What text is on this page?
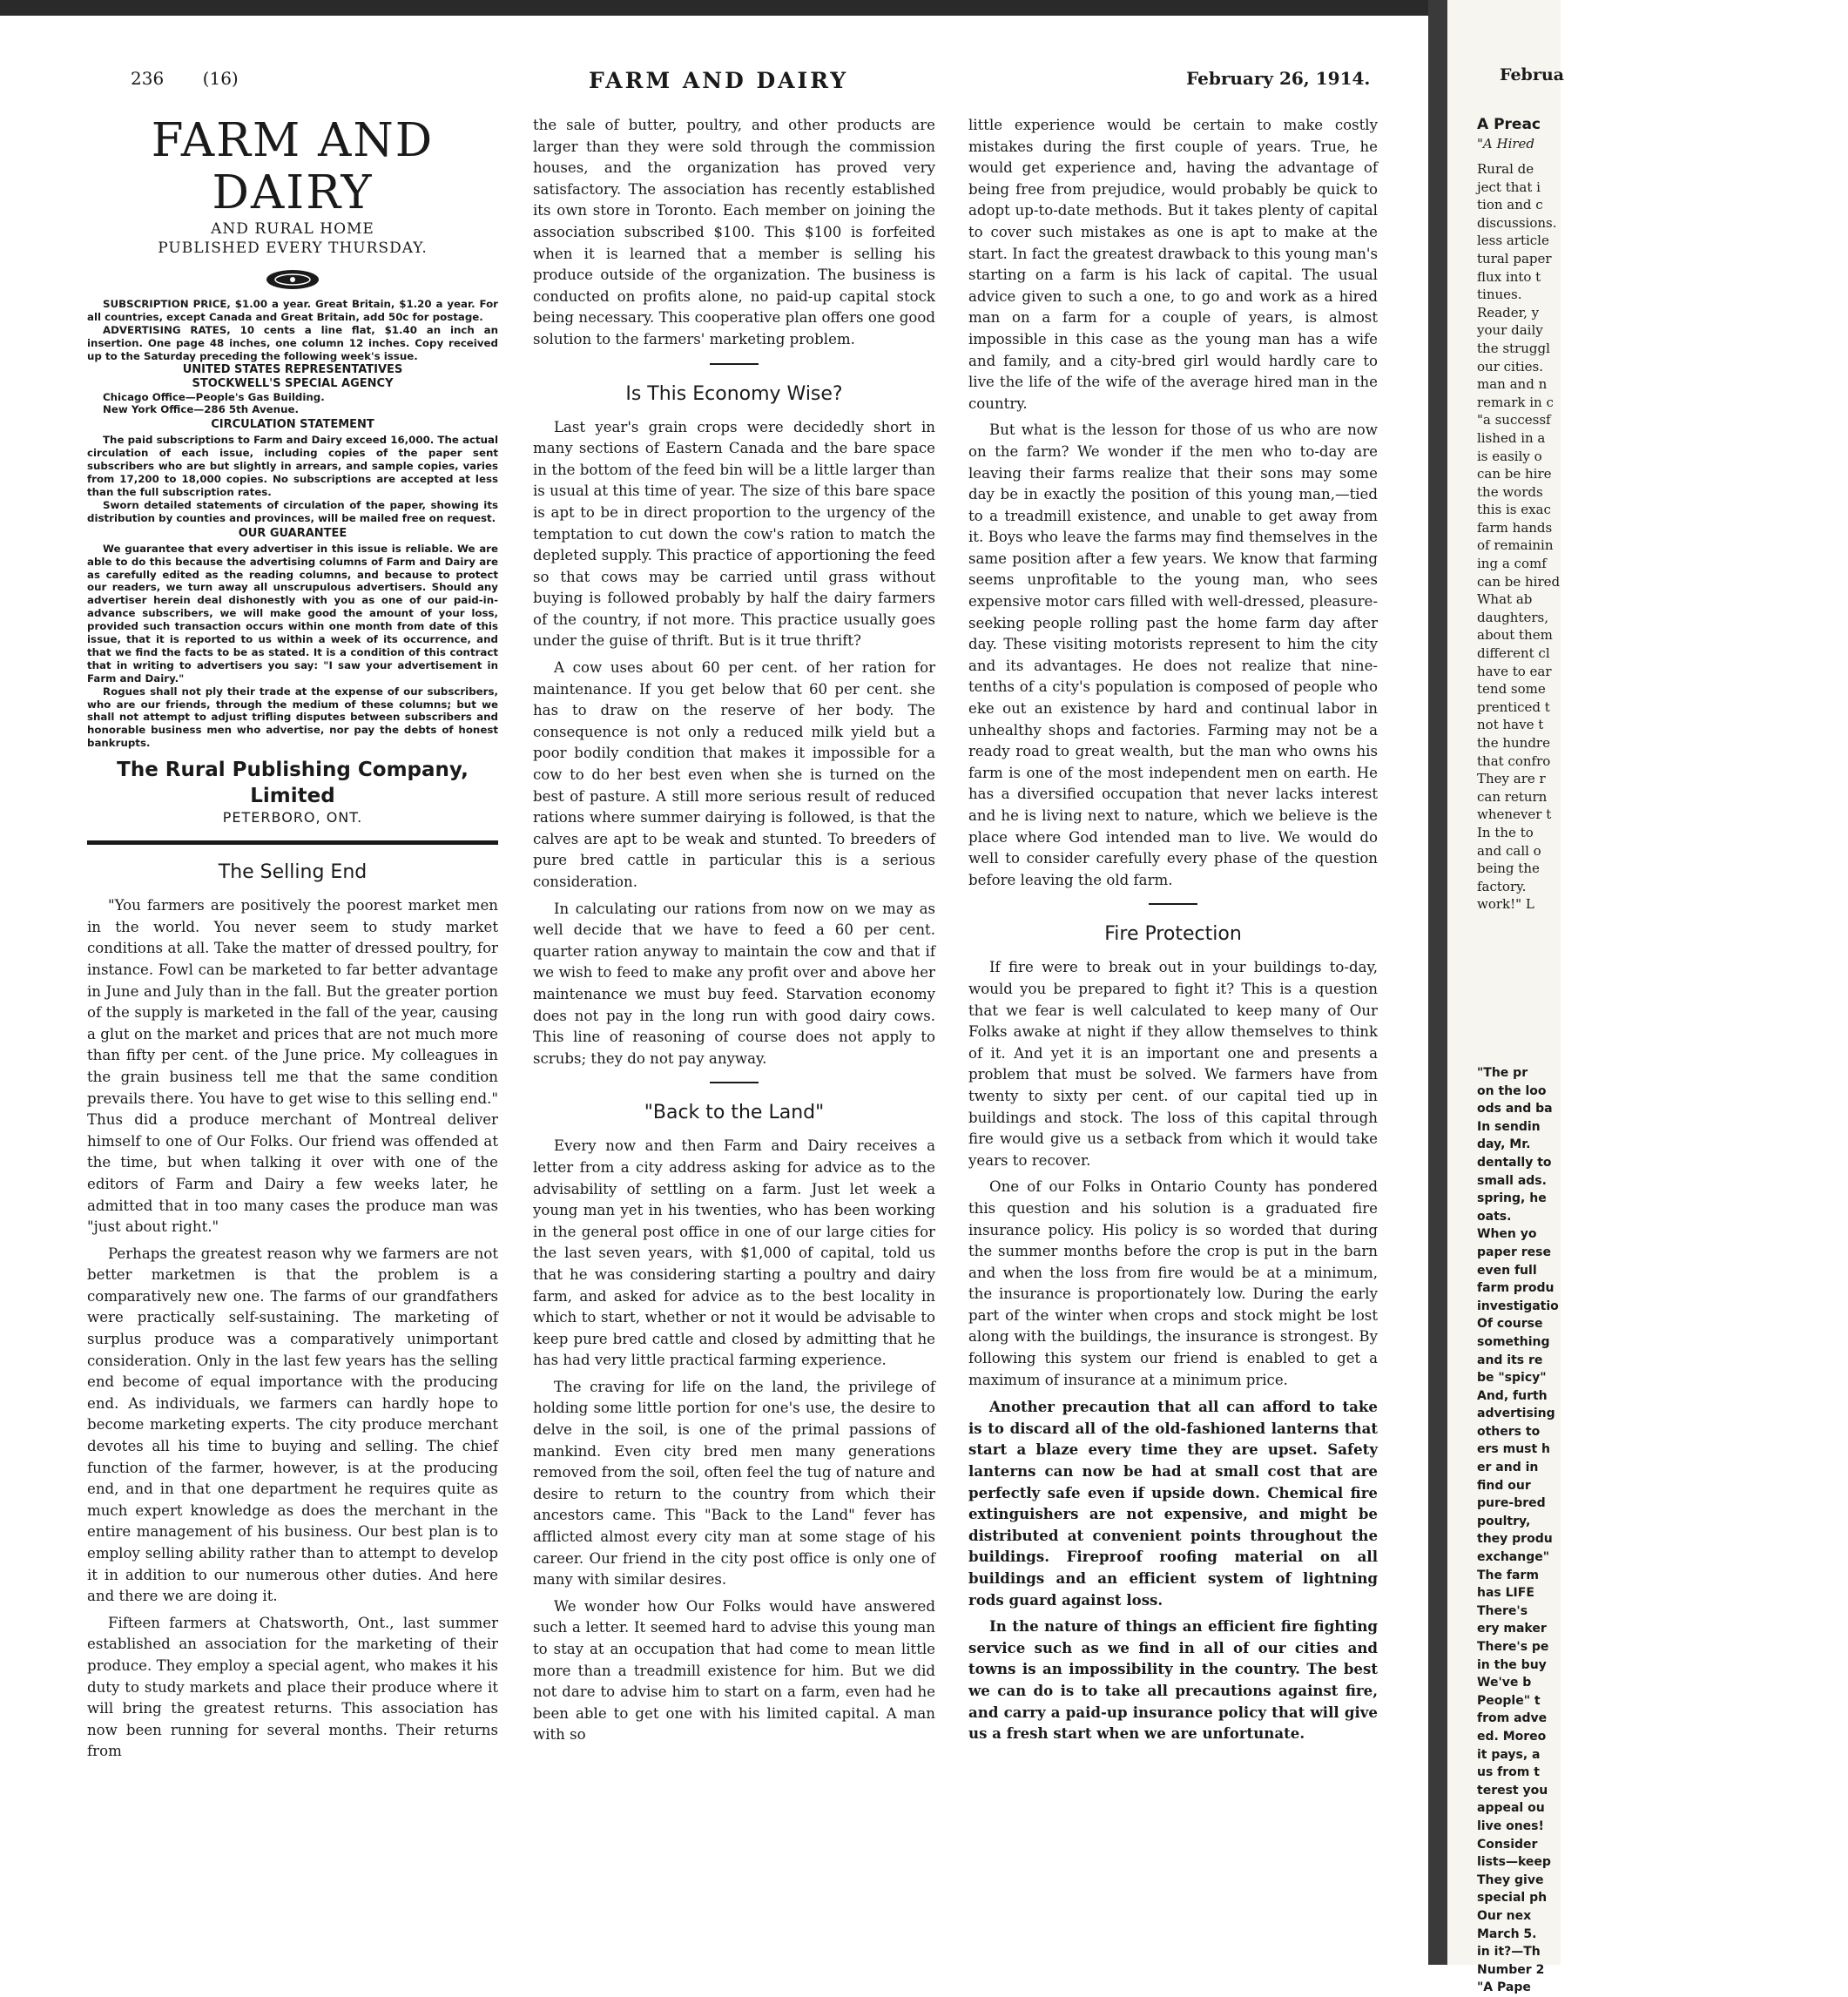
236       (16)	FARM AND DAIRY	February 26, 1914.
FARM AND DAIRY
AND RURAL HOME
PUBLISHED EVERY THURSDAY.

SUBSCRIPTION PRICE, $1.00 a year. Great Britain, $1.20 a year. For all countries, except Canada and Great Britain, add 50c for postage.

ADVERTISING RATES, 10 cents a line flat, $1.40 an inch an insertion. One page 48 inches, one column 12 inches. Copy received up to the Saturday preceding the following week's issue.

UNITED STATES REPRESENTATIVES
STOCKWELL'S SPECIAL AGENCY
Chicago Office—People's Gas Building.
New York Office—286 5th Avenue.
CIRCULATION STATEMENT

The paid subscriptions to Farm and Dairy exceed 16,000. The actual circulation of each issue, including copies of the paper sent subscribers who are but slightly in arrears, and sample copies, varies from 17,200 to 18,000 copies. No subscriptions are accepted at less than the full subscription rates.

Sworn detailed statements of circulation of the paper, showing its distribution by counties and provinces, will be mailed free on request.

OUR GUARANTEE

We guarantee that every advertiser in this issue is reliable. We are able to do this because the advertising columns of Farm and Dairy are as carefully edited as the reading columns, and because to protect our readers, we turn away all unscrupulous advertisers. Should any advertiser herein deal dishonestly with you as one of our paid-in-advance subscribers, we will make good the amount of your loss, provided such transaction occurs within one month from date of this issue, that it is reported to us within a week of its occurrence, and that we find the facts to be as stated. It is a condition of this contract that in writing to advertisers you say: "I saw your advertisement in Farm and Dairy."

Rogues shall not ply their trade at the expense of our subscribers, who are our friends, through the medium of these columns; but we shall not attempt to adjust trifling disputes between subscribers and honorable business men who advertise, nor pay the debts of honest bankrupts.

The Rural Publishing Company, Limited
PETERBORO, ONT.
The Selling End

"You farmers are positively the poorest market men in the world. You never seem to study market conditions at all. Take the matter of dressed poultry, for instance. Fowl can be marketed to far better advantage in June and July than in the fall. But the greater portion of the supply is marketed in the fall of the year, causing a glut on the market and prices that are not much more than fifty per cent. of the June price. My colleagues in the grain business tell me that the same condition prevails there. You have to get wise to this selling end." Thus did a produce merchant of Montreal deliver himself to one of Our Folks. Our friend was offended at the time, but when talking it over with one of the editors of Farm and Dairy a few weeks later, he admitted that in too many cases the produce man was "just about right."

Perhaps the greatest reason why we farmers are not better marketmen is that the problem is a comparatively new one. The farms of our grandfathers were practically self-sustaining. The marketing of surplus produce was a comparatively unimportant consideration. Only in the last few years has the selling end become of equal importance with the producing end. As individuals, we farmers can hardly hope to become marketing experts. The city produce merchant devotes all his time to buying and selling. The chief function of the farmer, however, is at the producing end, and in that one department he requires quite as much expert knowledge as does the merchant in the entire management of his business. Our best plan is to employ selling ability rather than to attempt to develop it in addition to our numerous other duties. And here and there we are doing it.

Fifteen farmers at Chatsworth, Ont., last summer established an association for the marketing of their produce. They employ a special agent, who makes it his duty to study markets and place their produce where it will bring the greatest returns. This association has now been running for several months. Their returns from

the sale of butter, poultry, and other products are larger than they were sold through the commission houses, and the organization has proved very satisfactory. The association has recently established its own store in Toronto. Each member on joining the association subscribed $100. This $100 is forfeited when it is learned that a member is selling his produce outside of the organization. The business is conducted on profits alone, no paid-up capital stock being necessary. This cooperative plan offers one good solution to the farmers' marketing problem.

Is This Economy Wise?

Last year's grain crops were decidedly short in many sections of Eastern Canada and the bare space in the bottom of the feed bin will be a little larger than is usual at this time of year. The size of this bare space is apt to be in direct proportion to the urgency of the temptation to cut down the cow's ration to match the depleted supply. This practice of apportioning the feed so that cows may be carried until grass without buying is followed probably by half the dairy farmers of the country, if not more. This practice usually goes under the guise of thrift. But is it true thrift?

A cow uses about 60 per cent. of her ration for maintenance. If you get below that 60 per cent. she has to draw on the reserve of her body. The consequence is not only a reduced milk yield but a poor bodily condition that makes it impossible for a cow to do her best even when she is turned on the best of pasture. A still more serious result of reduced rations where summer dairying is followed, is that the calves are apt to be weak and stunted. To breeders of pure bred cattle in particular this is a serious consideration.

In calculating our rations from now on we may as well decide that we have to feed a 60 per cent. quarter ration anyway to maintain the cow and that if we wish to feed to make any profit over and above her maintenance we must buy feed. Starvation economy does not pay in the long run with good dairy cows. This line of reasoning of course does not apply to scrubs; they do not pay anyway.

"Back to the Land"

Every now and then Farm and Dairy receives a letter from a city address asking for advice as to the advisability of settling on a farm. Just let week a young man yet in his twenties, who has been working in the general post office in one of our large cities for the last seven years, with $1,000 of capital, told us that he was considering starting a poultry and dairy farm, and asked for advice as to the best locality in which to start, whether or not it would be advisable to keep pure bred cattle and closed by admitting that he has had very little practical farming experience.

The craving for life on the land, the privilege of holding some little portion for one's use, the desire to delve in the soil, is one of the primal passions of mankind. Even city bred men many generations removed from the soil, often feel the tug of nature and desire to return to the country from which their ancestors came. This "Back to the Land" fever has afflicted almost every city man at some stage of his career. Our friend in the city post office is only one of many with similar desires.

We wonder how Our Folks would have answered such a letter. It seemed hard to advise this young man to stay at an occupation that had come to mean little more than a treadmill existence for him. But we did not dare to advise him to start on a farm, even had he been able to get one with his limited capital. A man with so

little experience would be certain to make costly mistakes during the first couple of years. True, he would get experience and, having the advantage of being free from prejudice, would probably be quick to adopt up-to-date methods. But it takes plenty of capital to cover such mistakes as one is apt to make at the start. In fact the greatest drawback to this young man's starting on a farm is his lack of capital. The usual advice given to such a one, to go and work as a hired man on a farm for a couple of years, is almost impossible in this case as the young man has a wife and family, and a city-bred girl would hardly care to live the life of the wife of the average hired man in the country.

But what is the lesson for those of us who are now on the farm? We wonder if the men who to-day are leaving their farms realize that their sons may some day be in exactly the position of this young man,—tied to a treadmill existence, and unable to get away from it. Boys who leave the farms may find themselves in the same position after a few years. We know that farming seems unprofitable to the young man, who sees expensive motor cars filled with well-dressed, pleasure-seeking people rolling past the home farm day after day. These visiting motorists represent to him the city and its advantages. He does not realize that nine-tenths of a city's population is composed of people who eke out an existence by hard and continual labor in unhealthy shops and factories. Farming may not be a ready road to great wealth, but the man who owns his farm is one of the most independent men on earth. He has a diversified occupation that never lacks interest and he is living next to nature, which we believe is the place where God intended man to live. We would do well to consider carefully every phase of the question before leaving the old farm.

Fire Protection

If fire were to break out in your buildings to-day, would you be prepared to fight it? This is a question that we fear is well calculated to keep many of Our Folks awake at night if they allow themselves to think of it. And yet it is an important one and presents a problem that must be solved. We farmers have from twenty to sixty per cent. of our capital tied up in buildings and stock. The loss of this capital through fire would give us a setback from which it would take years to recover.

One of our Folks in Ontario County has pondered this question and his solution is a graduated fire insurance policy. His policy is so worded that during the summer months before the crop is put in the barn and when the loss from fire would be at a minimum, the insurance is proportionately low. During the early part of the winter when crops and stock might be lost along with the buildings, the insurance is strongest. By following this system our friend is enabled to get a maximum of insurance at a minimum price.

Another precaution that all can afford to take is to discard all of the old-fashioned lanterns that start a blaze every time they are upset. Safety lanterns can now be had at small cost that are perfectly safe even if upside down. Chemical fire extinguishers are not expensive, and might be distributed at convenient points throughout the buildings. Fireproof roofing material on all buildings and an efficient system of lightning rods guard against loss.

In the nature of things an efficient fire fighting service such as we find in all of our cities and towns is an impossibility in the country. The best we can do is to take all precautions against fire, and carry a paid-up insurance policy that will give us a fresh start when we are unfortunate.

Februa
A Preac
"A Hired
Rural de
ject that i
tion and c
discussions.
less article
tural paper
flux into t
tinues.
Reader, y
your daily
the struggl
our cities.
man and n
remark in c
"a successf
lished in a
is easily o
can be hire
the words
this is exac
farm hands
of remainin
ing a comf
can be hired
What ab
daughters,
about them
different cl
have to ear
tend some
prenticed t
not have t
the hundre
that confro
They are r
can return
whenever t
In the to
and call o
being the
factory.
work!" L
"The pr
on the loo
ods and ba
In sendin
day, Mr.
dentally to
small ads.
spring, he
oats.
When yo
paper rese
even full
farm produ
investigatio
Of course
something
and its re
be "spicy"
And, furth
advertising
others to
ers must h
er and in
find our
pure-bred
poultry,
they produ
exchange"
The farm
has LIFE
There's
ery maker
There's pe
in the buy
We've b
People" t
from adve
ed. Moreo
it pays, a
us from t
terest you
appeal ou
live ones!
Consider
lists—keep
They give
special ph
Our nex
March 5.
in it?—Th
Number 2
"A Pape
